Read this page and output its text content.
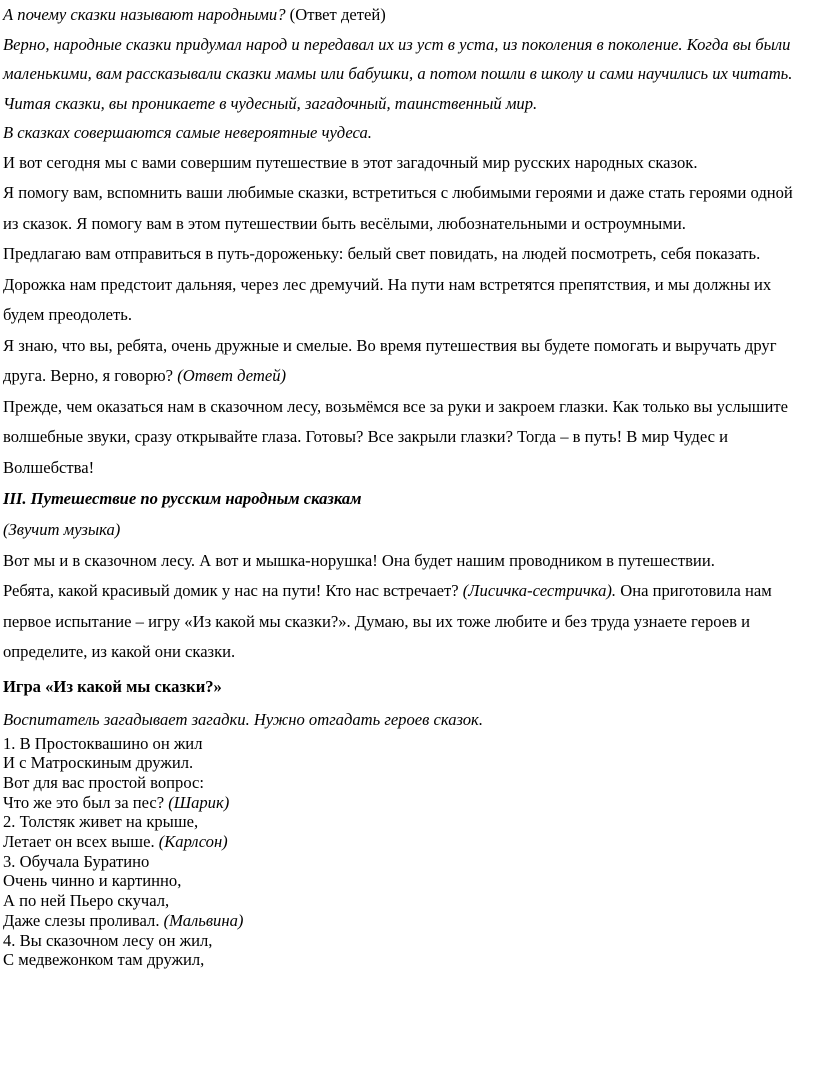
А почему сказки называют народными? (Ответ детей)

Верно, народные сказки придумал народ и передавал их из уст в уста, из поколения в поколение. Когда вы были маленькими, вам рассказывали сказки мамы или бабушки, а потом пошли в школу и сами научились их читать. Читая сказки, вы проникаете в чудесный, загадочный, таинственный мир.

В сказках совершаются самые невероятные чудеса.

И вот сегодня мы с вами совершим путешествие в этот загадочный мир русских народных сказок.

Я помогу вам, вспомнить ваши любимые сказки, встретиться с любимыми героями и даже стать героями одной из сказок. Я помогу вам в этом путешествии быть весёлыми, любознательными и остроумными.

Предлагаю вам отправиться в путь-дороженьку: белый свет повидать, на людей посмотреть, себя показать.

Дорожка нам предстоит дальняя, через лес дремучий. На пути нам встретятся препятствия, и мы должны их будем преодолеть.

Я знаю, что вы, ребята, очень дружные и смелые. Во время путешествия вы будете помогать и выручать друг друга. Верно, я говорю? (Ответ детей)

Прежде, чем оказаться нам в сказочном лесу, возьмёмся все за руки и закроем глазки. Как только вы услышите волшебные звуки, сразу открывайте глаза. Готовы? Все закрыли глазки? Тогда – в путь! В мир Чудес и Волшебства!

III. Путешествие по русским народным сказкам

(Звучит музыка)

Вот мы и в сказочном лесу. А вот и мышка-норушка! Она будет нашим проводником в путешествии.

Ребята, какой красивый домик у нас на пути! Кто нас встречает? (Лисичка-сестричка). Она приготовила нам первое испытание – игру «Из какой мы сказки?». Думаю, вы их тоже любите и без труда узнаете героев и определите, из какой они сказки.

Игра «Из какой мы сказки?»

Воспитатель загадывает загадки. Нужно отгадать героев сказок.

1. В Простоквашино он жил

И с Матроскиным дружил.

Вот для вас простой вопрос:

Что же это был за пес? (Шарик)

2. Толстяк живет на крыше,

Летает он всех выше. (Карлсон)

3. Обучала Буратино

Очень чинно и картинно,

А по ней Пьеро скучал,

Даже слезы проливал. (Мальвина)

4. Вы сказочном лесу он жил,

С медвежонком там дружил,
